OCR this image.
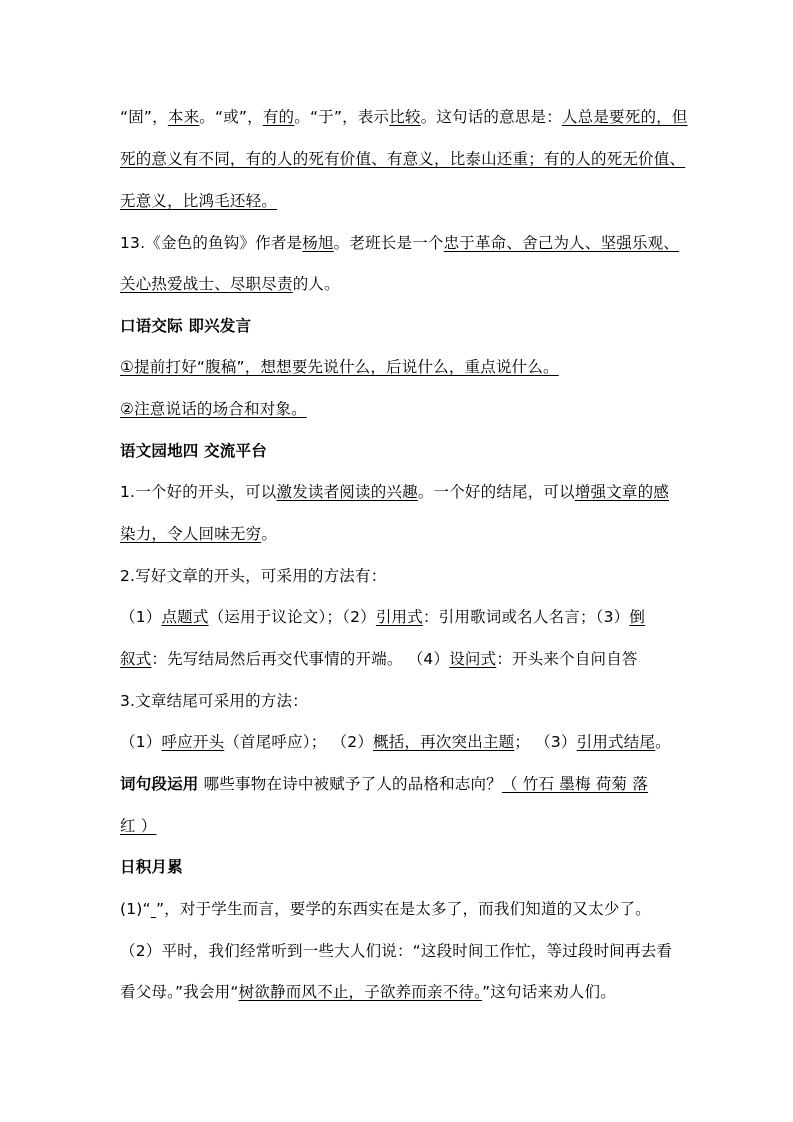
“固”，本来。“或”，有的。“于”，表示比较。这句话的意思是：人总是要死的，但
死的意义有不同，有的人的死有价值、有意义，比泰山还重；有的人的死无价值、
无意义，比鸿毛还轻。
13.《金色的鱼钩》作者是杨旭。老班长是一个忠于革命、舍己为人、坚强乐观、
关心热爱战士、尽职尽责的人。
口语交际 即兴发言
①提前打好“腹稿”，想想要先说什么，后说什么，重点说什么。
②注意说话的场合和对象。
语文园地四 交流平台
1.一个好的开头，可以激发读者阅读的兴趣。一个好的结尾，可以增强文章的感
染力，令人回味无穷。
2.写好文章的开头，可采用的方法有：
（1）点题式（运用于议论文）；（2）引用式：引用歌词或名人名言；（3）倒
叙式：先写结局然后再交代事情的开端。 （4）设问式：开头来个自问自答
3.文章结尾可采用的方法：
（1）呼应开头（首尾呼应）； （2）概括，再次突出主题； （3）引用式结尾。
词句段运用 哪些事物在诗中被赋予了人的品格和志向？（ 竹石 墨梅 荷菊 落
红 ）
日积月累
(1)“ ”，对于学生而言，要学的东西实在是太多了，而我们知道的又太少了。
（2）平时，我们经常听到一些大人们说：“这段时间工作忙，等过段时间再去看
看父母。”我会用“树欲静而风不止，子欲养而亲不待。”这句话来劝人们。
